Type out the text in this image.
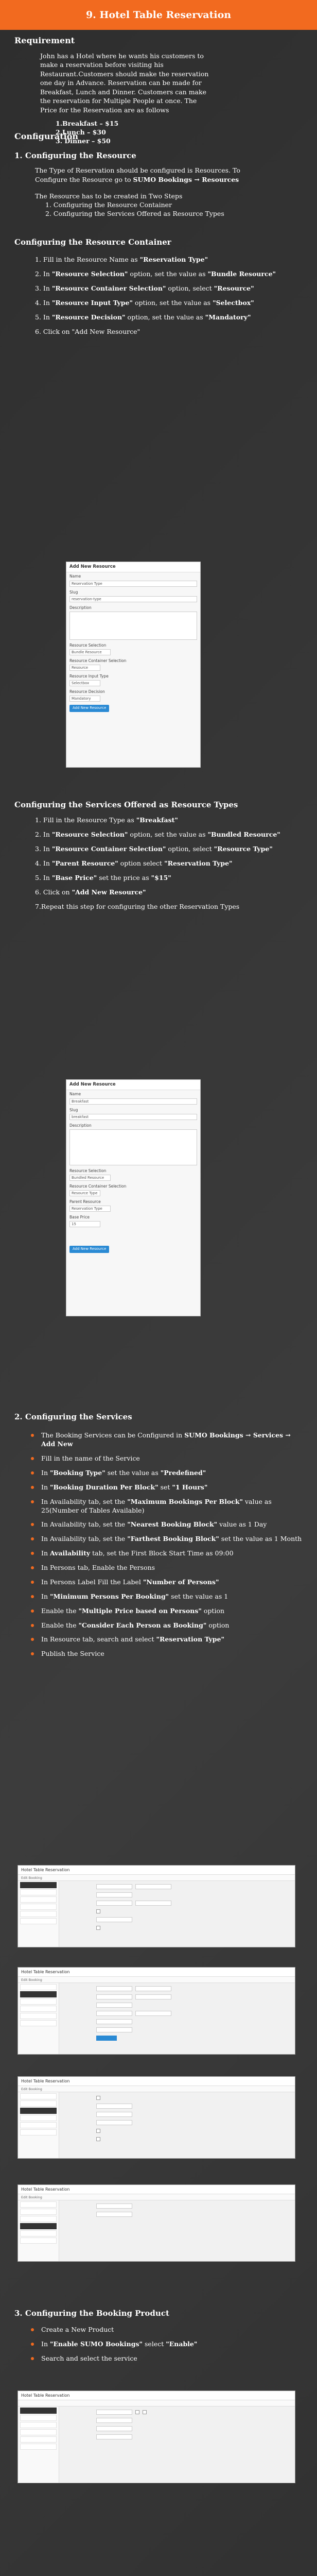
9. Hotel Table Reservation
Requirement

John has a Hotel where he wants his customers to make a reservation before visiting his Restaurant.Customers should make the reservation one day in Advance. Reservation can be made for Breakfast, Lunch and Dinner. Customers can make the reservation for Multiple People at once. The Price for the Reservation are as follows

1.Breakfast – $15
2.Lunch – $30
3. Dinner – $50
Configuration
1. Configuring the Resource

The Type of Reservation should be configured is Resources. To Configure the Resource go to SUMO Bookings → Resources

The Resource has to be created in Two Steps

1. Configuring the Resource Container
2. Configuring the Services Offered as Resource Types
Configuring the Resource Container
1. Fill in the Resource Name as "Reservation Type"
2. In "Resource Selection" option, set the value as "Bundle Resource"
3. In "Resource Container Selection" option, select "Resource"
4. In "Resource Input Type" option, set the value as "Selectbox"
5. In "Resource Decision" option, set the value as "Mandatory"
6. Click on "Add New Resource"
Add New Resource
Name
Reservation Type
Slug
reservation-type
Description
Resource Selection
Bundle Resource
Resource Container Selection
Resource
Resource Input Type
Selectbox
Resource Decision
Mandatory
Add New Resource
Configuring the Services Offered as Resource Types
1. Fill in the Resource Type as "Breakfast"
2. In "Resource Selection" option, set the value as "Bundled Resource"
3. In "Resource Container Selection" option, select "Resource Type"
4. In "Parent Resource" option select "Reservation Type"
5. In "Base Price" set the price as "$15"
6. Click on "Add New Resource"
7.Repeat this step for configuring the other Reservation Types
Add New Resource
Name
Breakfast
Slug
breakfast
Description
Resource Selection
Bundled Resource
Resource Container Selection
Resource Type
Parent Resource
Reservation Type
Base Price
15
Add New Resource
2. Configuring the Services
The Booking Services can be Configured in SUMO Bookings → Services → Add New
Fill in the name of the Service
In "Booking Type" set the value as "Predefined"
In "Booking Duration Per Block" set "1 Hours"
In Availability tab, set the "Maximum Bookings Per Block" value as 25(Number of Tables Available)
In Availability tab, set the "Nearest Booking Block" value as 1 Day
In Availability tab, set the "Farthest Booking Block" set the value as 1 Month
In Availability tab, set the First Block Start Time as 09:00
In Persons tab, Enable the Persons
In Persons Label Fill the Label "Number of Persons"
In "Minimum Persons Per Booking" set the value as 1
Enable the "Multiple Price based on Persons" option
Enable the "Consider Each Person as Booking" option
In Resource tab, search and select "Reservation Type"
Publish the Service
Hotel Table Reservation
Edit Booking
Hotel Table Reservation
Edit Booking
Hotel Table Reservation
Edit Booking
Hotel Table Reservation
Edit Booking
3. Configuring the Booking Product
Create a New Product
In "Enable SUMO Bookings" select "Enable"
Search and select the service
Hotel Table Reservation
